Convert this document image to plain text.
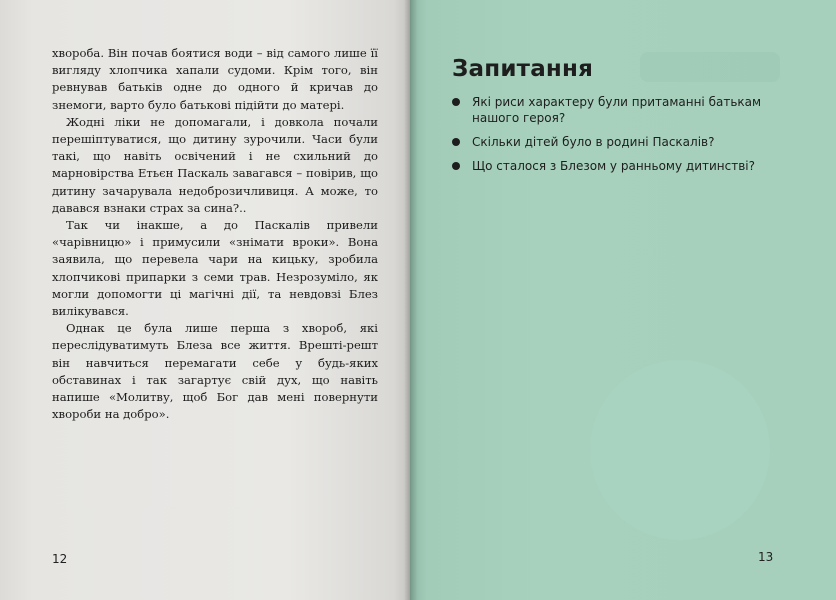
хвороба. Він почав боятися води – від самого лише її вигляду хлопчика хапали судоми. Крім того, він ревнував батьків одне до одного й кричав до знемоги, варто було батькові підійти до матері.

Жодні ліки не допомагали, і довкола почали перешіптуватися, що дитину зурочили. Часи були такі, що навіть освічений і не схильний до марновірства Етьєн Паскаль завагався – повірив, що дитину зачарувала недоброзичливиця. А може, то давався взнаки страх за сина?..

Так чи інакше, а до Паскалів привели «чарівницю» і примусили «знімати вроки». Вона заявила, що перевела чари на кицьку, зробила хлопчикові припарки з семи трав. Незрозуміло, як могли допомогти ці магічні дії, та невдовзі Блез вилікувався.

Однак це була лише перша з хвороб, які переслідуватимуть Блеза все життя. Врешті-решт він навчиться перемагати себе у будь-яких обставинах і так загартує свій дух, що навіть напише «Молитву, щоб Бог дав мені повернути хвороби на добро».

12
Запитання
Які риси характеру були притаманні батькам нашого героя?
Скільки дітей було в родині Паскалів?
Що сталося з Блезом у ранньому дитинстві?
13
